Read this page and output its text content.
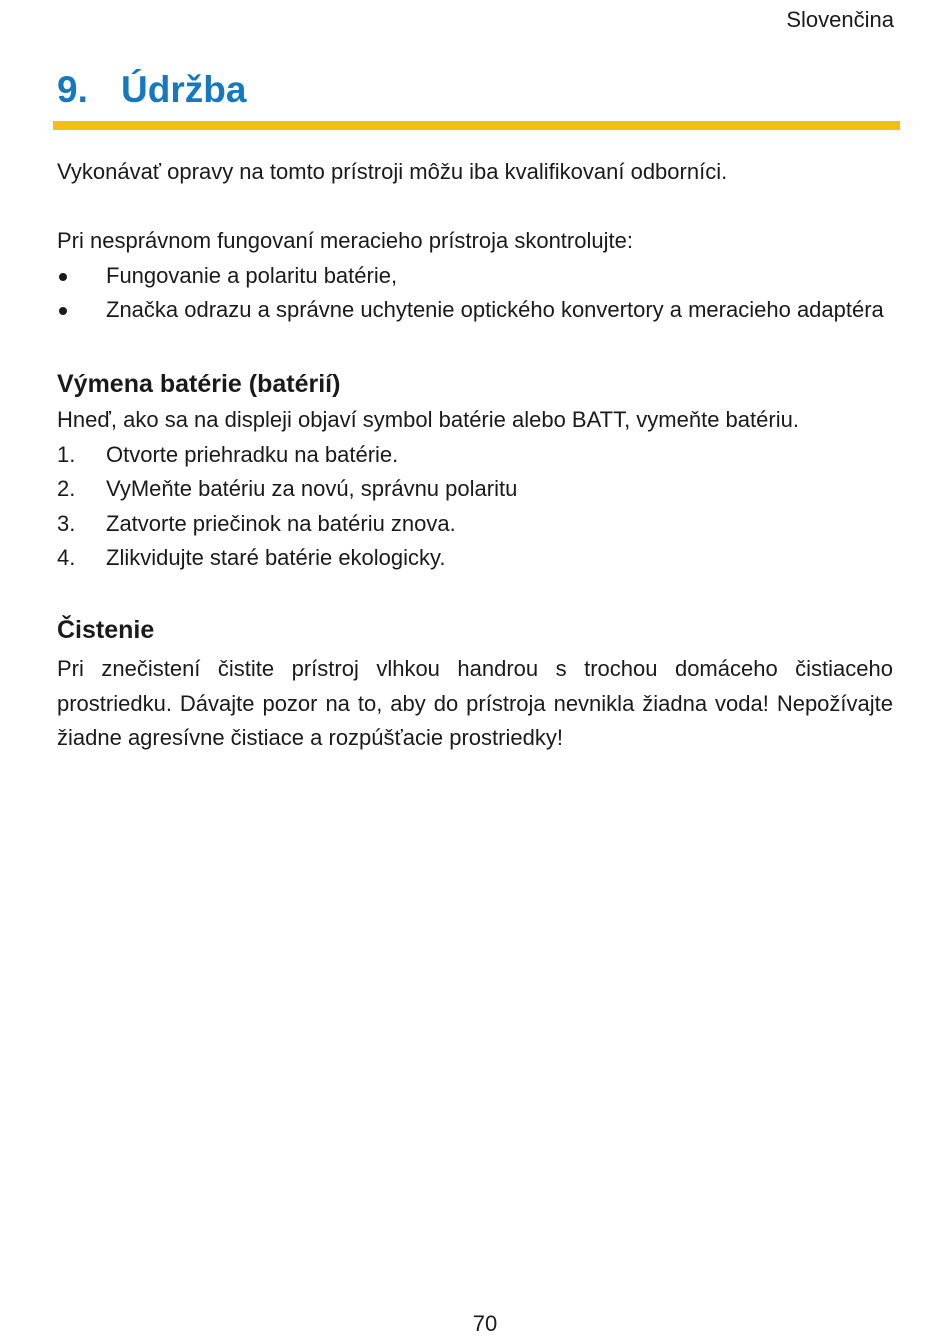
Slovenčina
9. Údržba

Vykonávať opravy na tomto prístroji môžu iba kvalifikovaní odborníci.

Pri nesprávnom fungovaní meracieho prístroja skontrolujte:

Fungovanie a polaritu batérie,
Značka odrazu a správne uchytenie optického konvertory a meracieho adaptéra
Výmena batérie (batérií)

Hneď, ako sa na displeji objaví symbol batérie alebo BATT, vymeňte batériu.

1. Otvorte priehradku na batérie.
2. VyMeňte batériu za novú, správnu polaritu
3. Zatvorte priečinok na batériu znova.
4. Zlikvidujte staré batérie ekologicky.
Čistenie

Pri znečistení čistite prístroj vlhkou handrou s trochou domáceho čistiaceho prostriedku. Dávajte pozor na to, aby do prístroja nevnikla žiadna voda! Nepožívajte žiadne agresívne čistiace a rozpúšťacie prostriedky!

70
